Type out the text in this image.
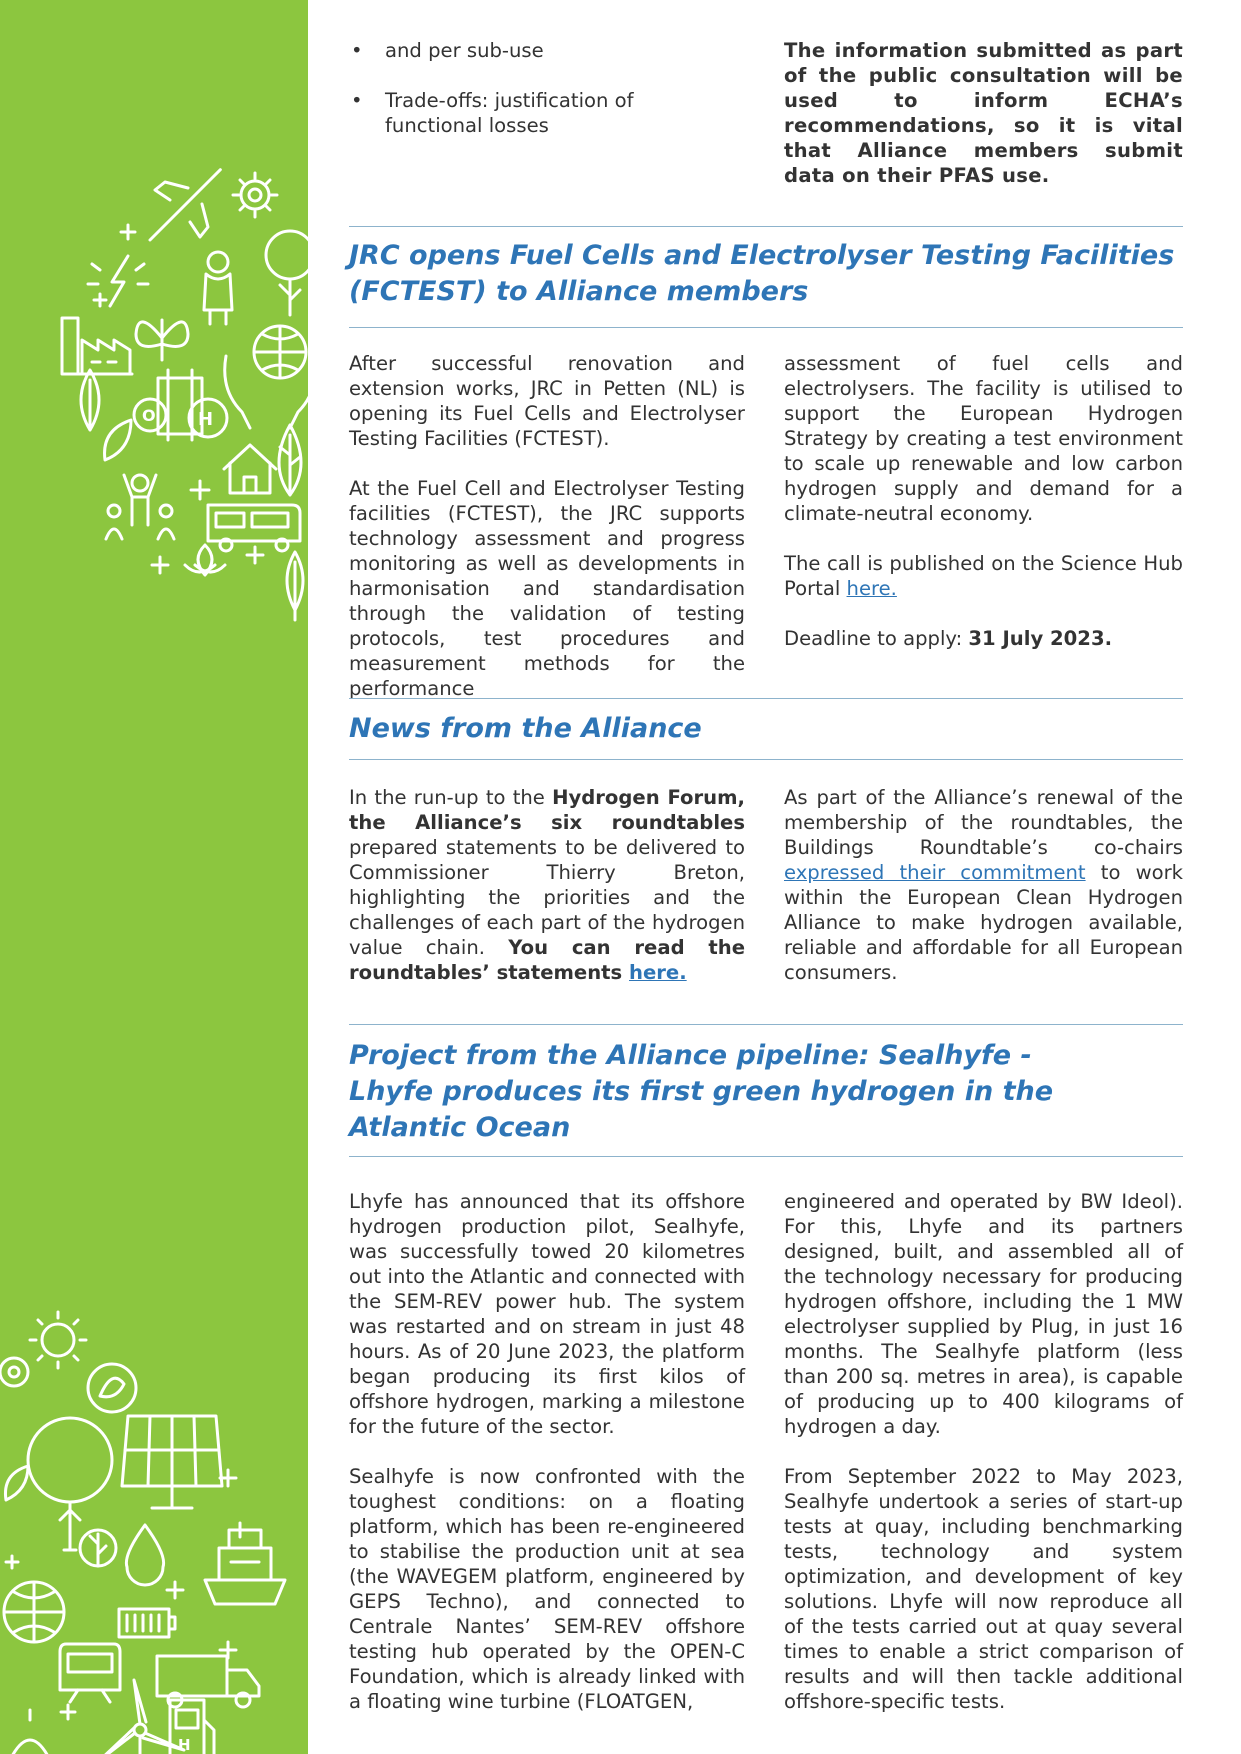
O H
H
• and per sub-use
• Trade-offs: justification of functional losses
The information submitted as part of the public consultation will be used to inform ECHA’s recommendations, so it is vital that Alliance members submit data on their PFAS use.
JRC opens Fuel Cells and Electrolyser Testing Facilities (FCTEST) to Alliance members

After successful renovation and extension works, JRC in Petten (NL) is opening its Fuel Cells and Electrolyser Testing Facilities (FCTEST).

At the Fuel Cell and Electrolyser Testing facilities (FCTEST), the JRC supports technology assessment and progress monitoring as well as developments in harmonisation and standardisation through the validation of testing protocols, test procedures and measurement methods for the performance

assessment of fuel cells and electrolysers. The facility is utilised to support the European Hydrogen Strategy by creating a test environment to scale up renewable and low carbon hydrogen supply and demand for a climate-neutral economy.

The call is published on the Science Hub Portal here.

Deadline to apply: 31 July 2023.

News from the Alliance

In the run-up to the Hydrogen Forum, the Alliance’s six roundtables prepared statements to be delivered to Commissioner Thierry Breton, highlighting the priorities and the challenges of each part of the hydrogen value chain. You can read the roundtables’ statements here.

As part of the Alliance’s renewal of the membership of the roundtables, the Buildings Roundtable’s co-chairs expressed their commitment to work within the European Clean Hydrogen Alliance to make hydrogen available, reliable and affordable for all European consumers.

Project from the Alliance pipeline: Sealhyfe -
Lhyfe produces its first green hydrogen in the
Atlantic Ocean

Lhyfe has announced that its offshore hydrogen production pilot, Sealhyfe, was successfully towed 20 kilometres out into the Atlantic and connected with the SEM-REV power hub. The system was restarted and on stream in just 48 hours. As of 20 June 2023, the platform began producing its first kilos of offshore hydrogen, marking a milestone for the future of the sector.

Sealhyfe is now confronted with the toughest conditions: on a floating platform, which has been re-engineered to stabilise the production unit at sea (the WAVEGEM platform, engineered by GEPS Techno), and connected to Centrale Nantes’ SEM-REV offshore testing hub operated by the OPEN-C Foundation, which is already linked with a floating wine turbine (FLOATGEN,

engineered and operated by BW Ideol). For this, Lhyfe and its partners designed, built, and assembled all of the technology necessary for producing hydrogen offshore, including the 1 MW electrolyser supplied by Plug, in just 16 months. The Sealhyfe platform (less than 200 sq. metres in area), is capable of producing up to 400 kilograms of hydrogen a day.

From September 2022 to May 2023, Sealhyfe undertook a series of start-up tests at quay, including benchmarking tests, technology and system optimization, and development of key solutions. Lhyfe will now reproduce all of the tests carried out at quay several times to enable a strict comparison of results and will then tackle additional offshore-specific tests.
